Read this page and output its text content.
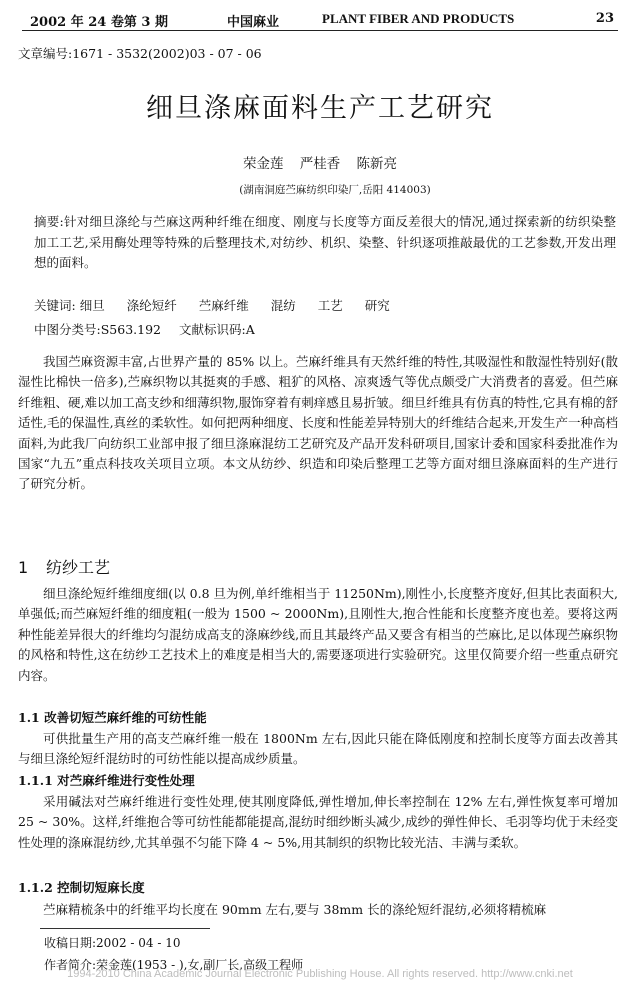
2002 年 24 卷第 3 期	中国麻业	PLANT FIBER AND PRODUCTS	23
文章编号:1671 - 3532(2002)03 - 07 - 06
细旦涤麻面料生产工艺研究
荣金莲 严桂香 陈新亮
(湖南洞庭苎麻纺织印染厂,岳阳 414003)
摘要:针对细旦涤纶与苎麻这两种纤维在细度、刚度与长度等方面反差很大的情况,通过探索新的纺织染整加工工艺,采用酶处理等特殊的后整理技术,对纺纱、机织、染整、针织逐项推敲最优的工艺参数,开发出理想的面料。
关键词: 细旦 涤纶短纤 苎麻纤维 混纺 工艺 研究
中图分类号:S563.192 文献标识码:A
我国苎麻资源丰富,占世界产量的 85% 以上。苎麻纤维具有天然纤维的特性,其吸湿性和散湿性特别好(散湿性比棉快一倍多),苎麻织物以其挺爽的手感、粗犷的风格、凉爽透气等优点颇受广大消费者的喜爱。但苎麻纤维粗、硬,难以加工高支纱和细薄织物,服饰穿着有刺痒感且易折皱。细旦纤维具有仿真的特性,它具有棉的舒适性,毛的保温性,真丝的柔软性。如何把两种细度、长度和性能差异特别大的纤维结合起来,开发生产一种高档面料,为此我厂向纺织工业部申报了细旦涤麻混纺工艺研究及产品开发科研项目,国家计委和国家科委批准作为国家“九五”重点科技攻关项目立项。本文从纺纱、织造和印染后整理工艺等方面对细旦涤麻面料的生产进行了研究分析。
1 纺纱工艺
细旦涤纶短纤维细度细(以 0.8 旦为例,单纤维相当于 11250Nm),刚性小,长度整齐度好,但其比表面积大,单强低;而苎麻短纤维的细度粗(一般为 1500 ~ 2000Nm),且刚性大,抱合性能和长度整齐度也差。要将这两种性能差异很大的纤维均匀混纺成高支的涤麻纱线,而且其最终产品又要含有相当的苎麻比,足以体现苎麻织物的风格和特性,这在纺纱工艺技术上的难度是相当大的,需要逐项进行实验研究。这里仅简要介绍一些重点研究内容。
1.1 改善切短苎麻纤维的可纺性能
可供批量生产用的高支苎麻纤维一般在 1800Nm 左右,因此只能在降低刚度和控制长度等方面去改善其与细旦涤纶短纤混纺时的可纺性能以提高成纱质量。
1.1.1 对苎麻纤维进行变性处理
采用碱法对苎麻纤维进行变性处理,使其刚度降低,弹性增加,伸长率控制在 12% 左右,弹性恢复率可增加 25 ~ 30%。这样,纤维抱合等可纺性能都能提高,混纺时细纱断头减少,成纱的弹性伸长、毛羽等均优于未经变性处理的涤麻混纺纱,尤其单强不匀能下降 4 ~ 5%,用其制织的织物比较光洁、丰满与柔软。
1.1.2 控制切短麻长度
苎麻精梳条中的纤维平均长度在 90mm 左右,要与 38mm 长的涤纶短纤混纺,必须将精梳麻
收稿日期:2002 - 04 - 10
作者简介:荣金莲(1953 - ),女,副厂长,高级工程师
1994-2010 China Academic Journal Electronic Publishing House. All rights reserved. http://www.cnki.net
